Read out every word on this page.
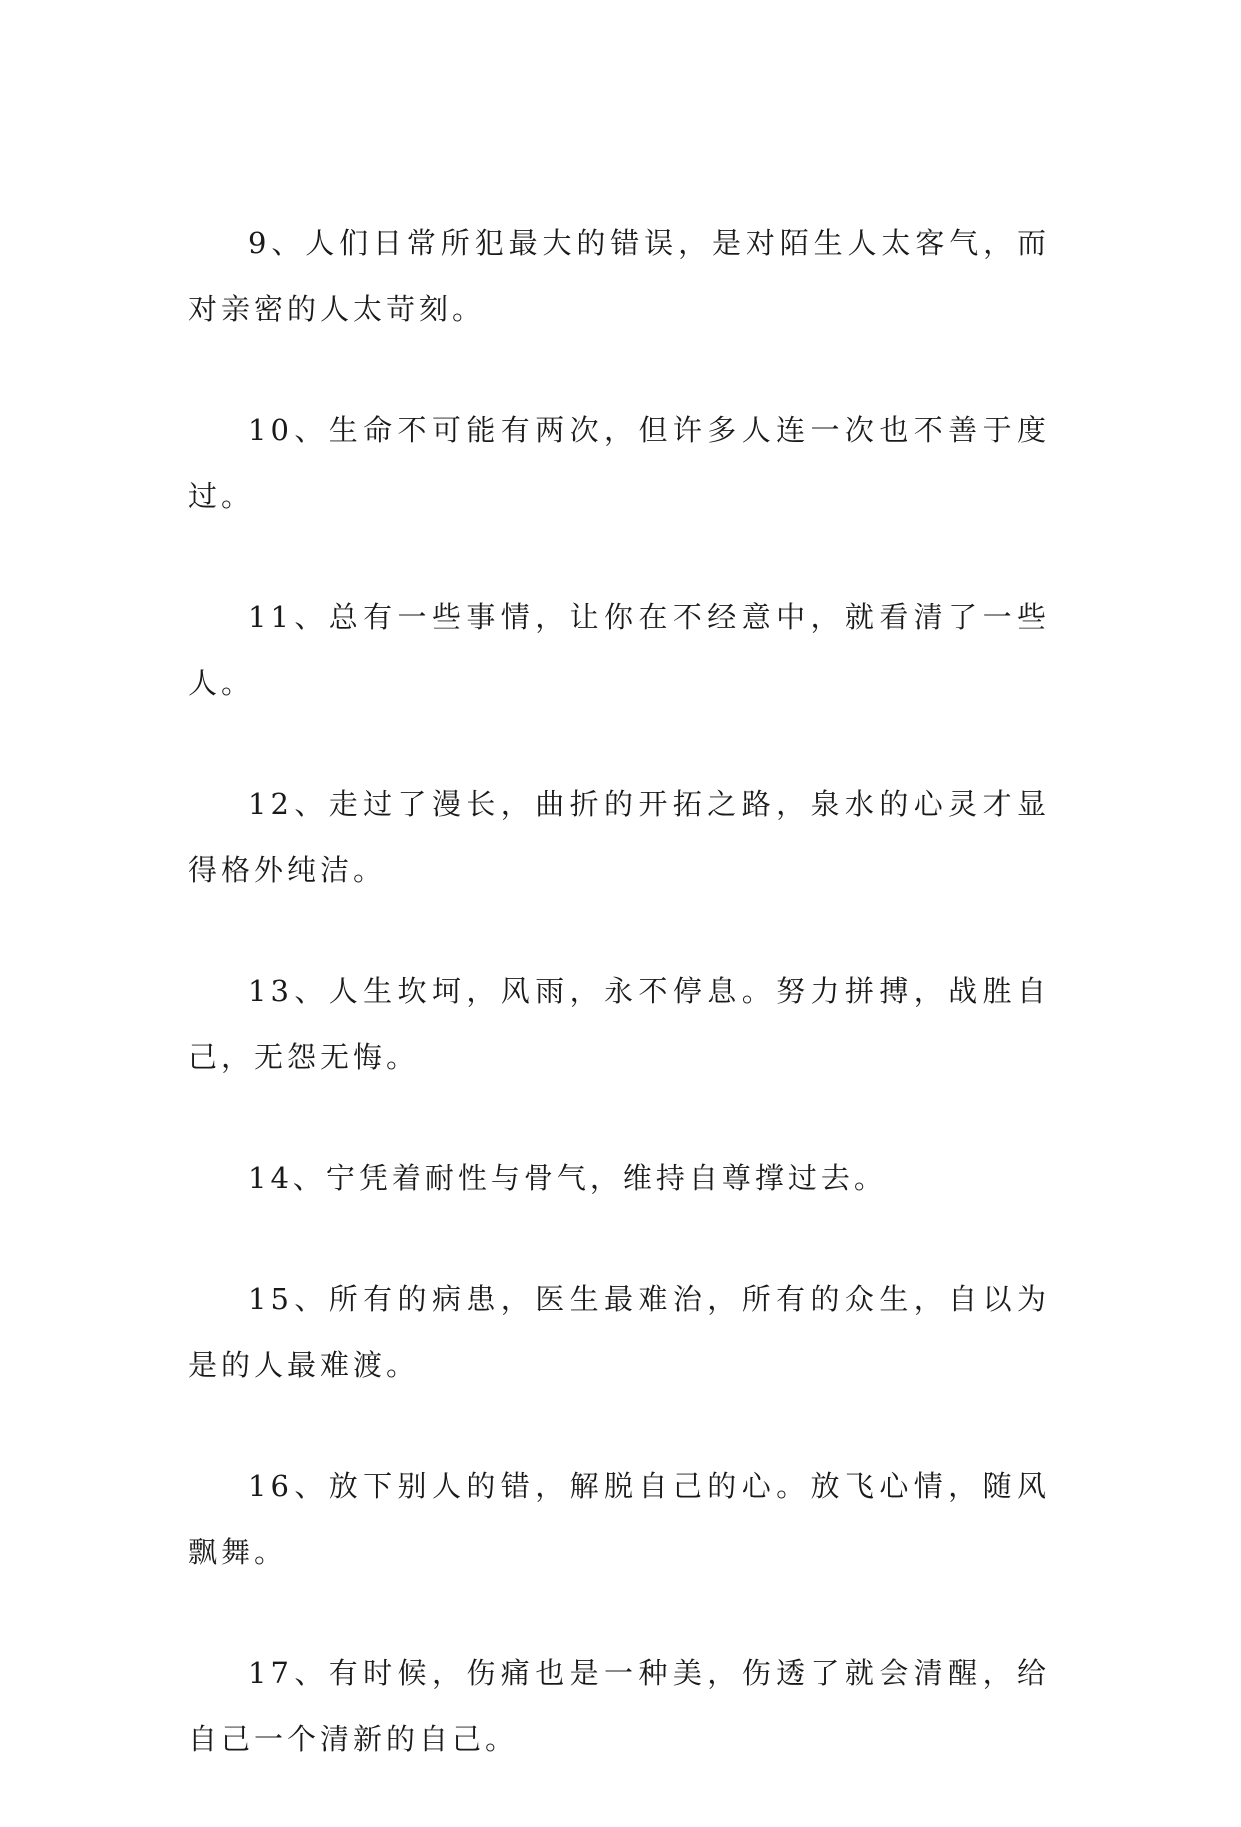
9、人们日常所犯最大的错误，是对陌生人太客气，而对亲密的人太苛刻。

10、生命不可能有两次，但许多人连一次也不善于度过。

11、总有一些事情，让你在不经意中，就看清了一些人。

12、走过了漫长，曲折的开拓之路，泉水的心灵才显得格外纯洁。

13、人生坎坷，风雨，永不停息。努力拼搏，战胜自己，无怨无悔。

14、宁凭着耐性与骨气，维持自尊撑过去。

15、所有的病患，医生最难治，所有的众生，自以为是的人最难渡。

16、放下别人的错，解脱自己的心。放飞心情，随风飘舞。

17、有时候，伤痛也是一种美，伤透了就会清醒，给自己一个清新的自己。
